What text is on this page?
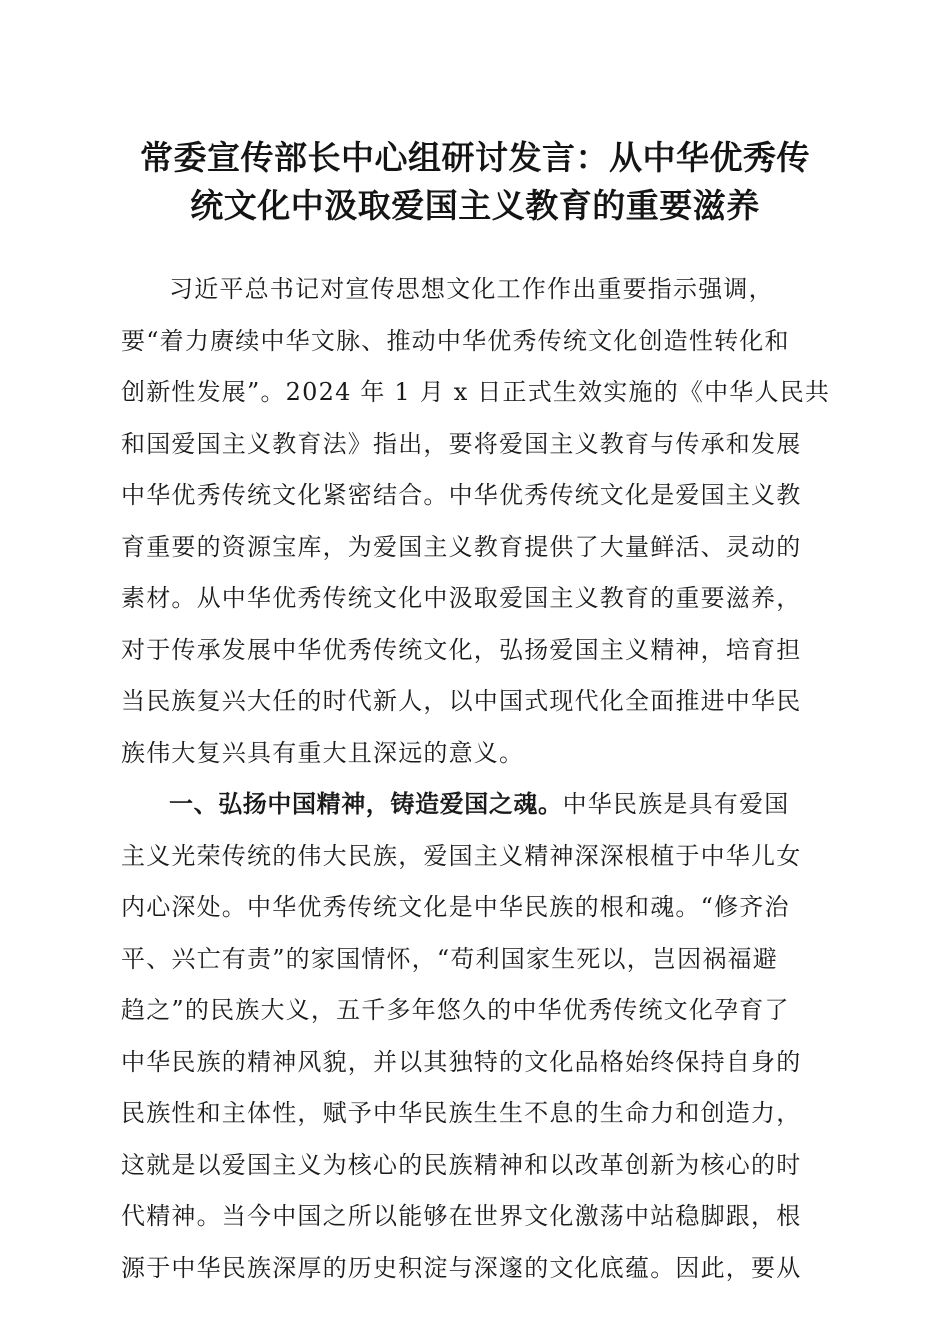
常委宣传部长中心组研讨发言：从中华优秀传
统文化中汲取爱国主义教育的重要滋养

习近平总书记对宣传思想文化工作作出重要指示强调，
要“着力赓续中华文脉、推动中华优秀传统文化创造性转化和
创新性发展”。2024 年 1 月 x 日正式生效实施的《中华人民共
和国爱国主义教育法》指出，要将爱国主义教育与传承和发展
中华优秀传统文化紧密结合。中华优秀传统文化是爱国主义教
育重要的资源宝库，为爱国主义教育提供了大量鲜活、灵动的
素材。从中华优秀传统文化中汲取爱国主义教育的重要滋养，
对于传承发展中华优秀传统文化，弘扬爱国主义精神，培育担
当民族复兴大任的时代新人，以中国式现代化全面推进中华民
族伟大复兴具有重大且深远的意义。

一、弘扬中国精神，铸造爱国之魂。中华民族是具有爱国
主义光荣传统的伟大民族，爱国主义精神深深根植于中华儿女
内心深处。中华优秀传统文化是中华民族的根和魂。“修齐治
平、兴亡有责”的家国情怀，“苟利国家生死以，岂因祸福避
趋之”的民族大义，五千多年悠久的中华优秀传统文化孕育了
中华民族的精神风貌，并以其独特的文化品格始终保持自身的
民族性和主体性，赋予中华民族生生不息的生命力和创造力，
这就是以爱国主义为核心的民族精神和以改革创新为核心的时
代精神。当今中国之所以能够在世界文化激荡中站稳脚跟，根
源于中华民族深厚的历史积淀与深邃的文化底蕴。因此，要从
